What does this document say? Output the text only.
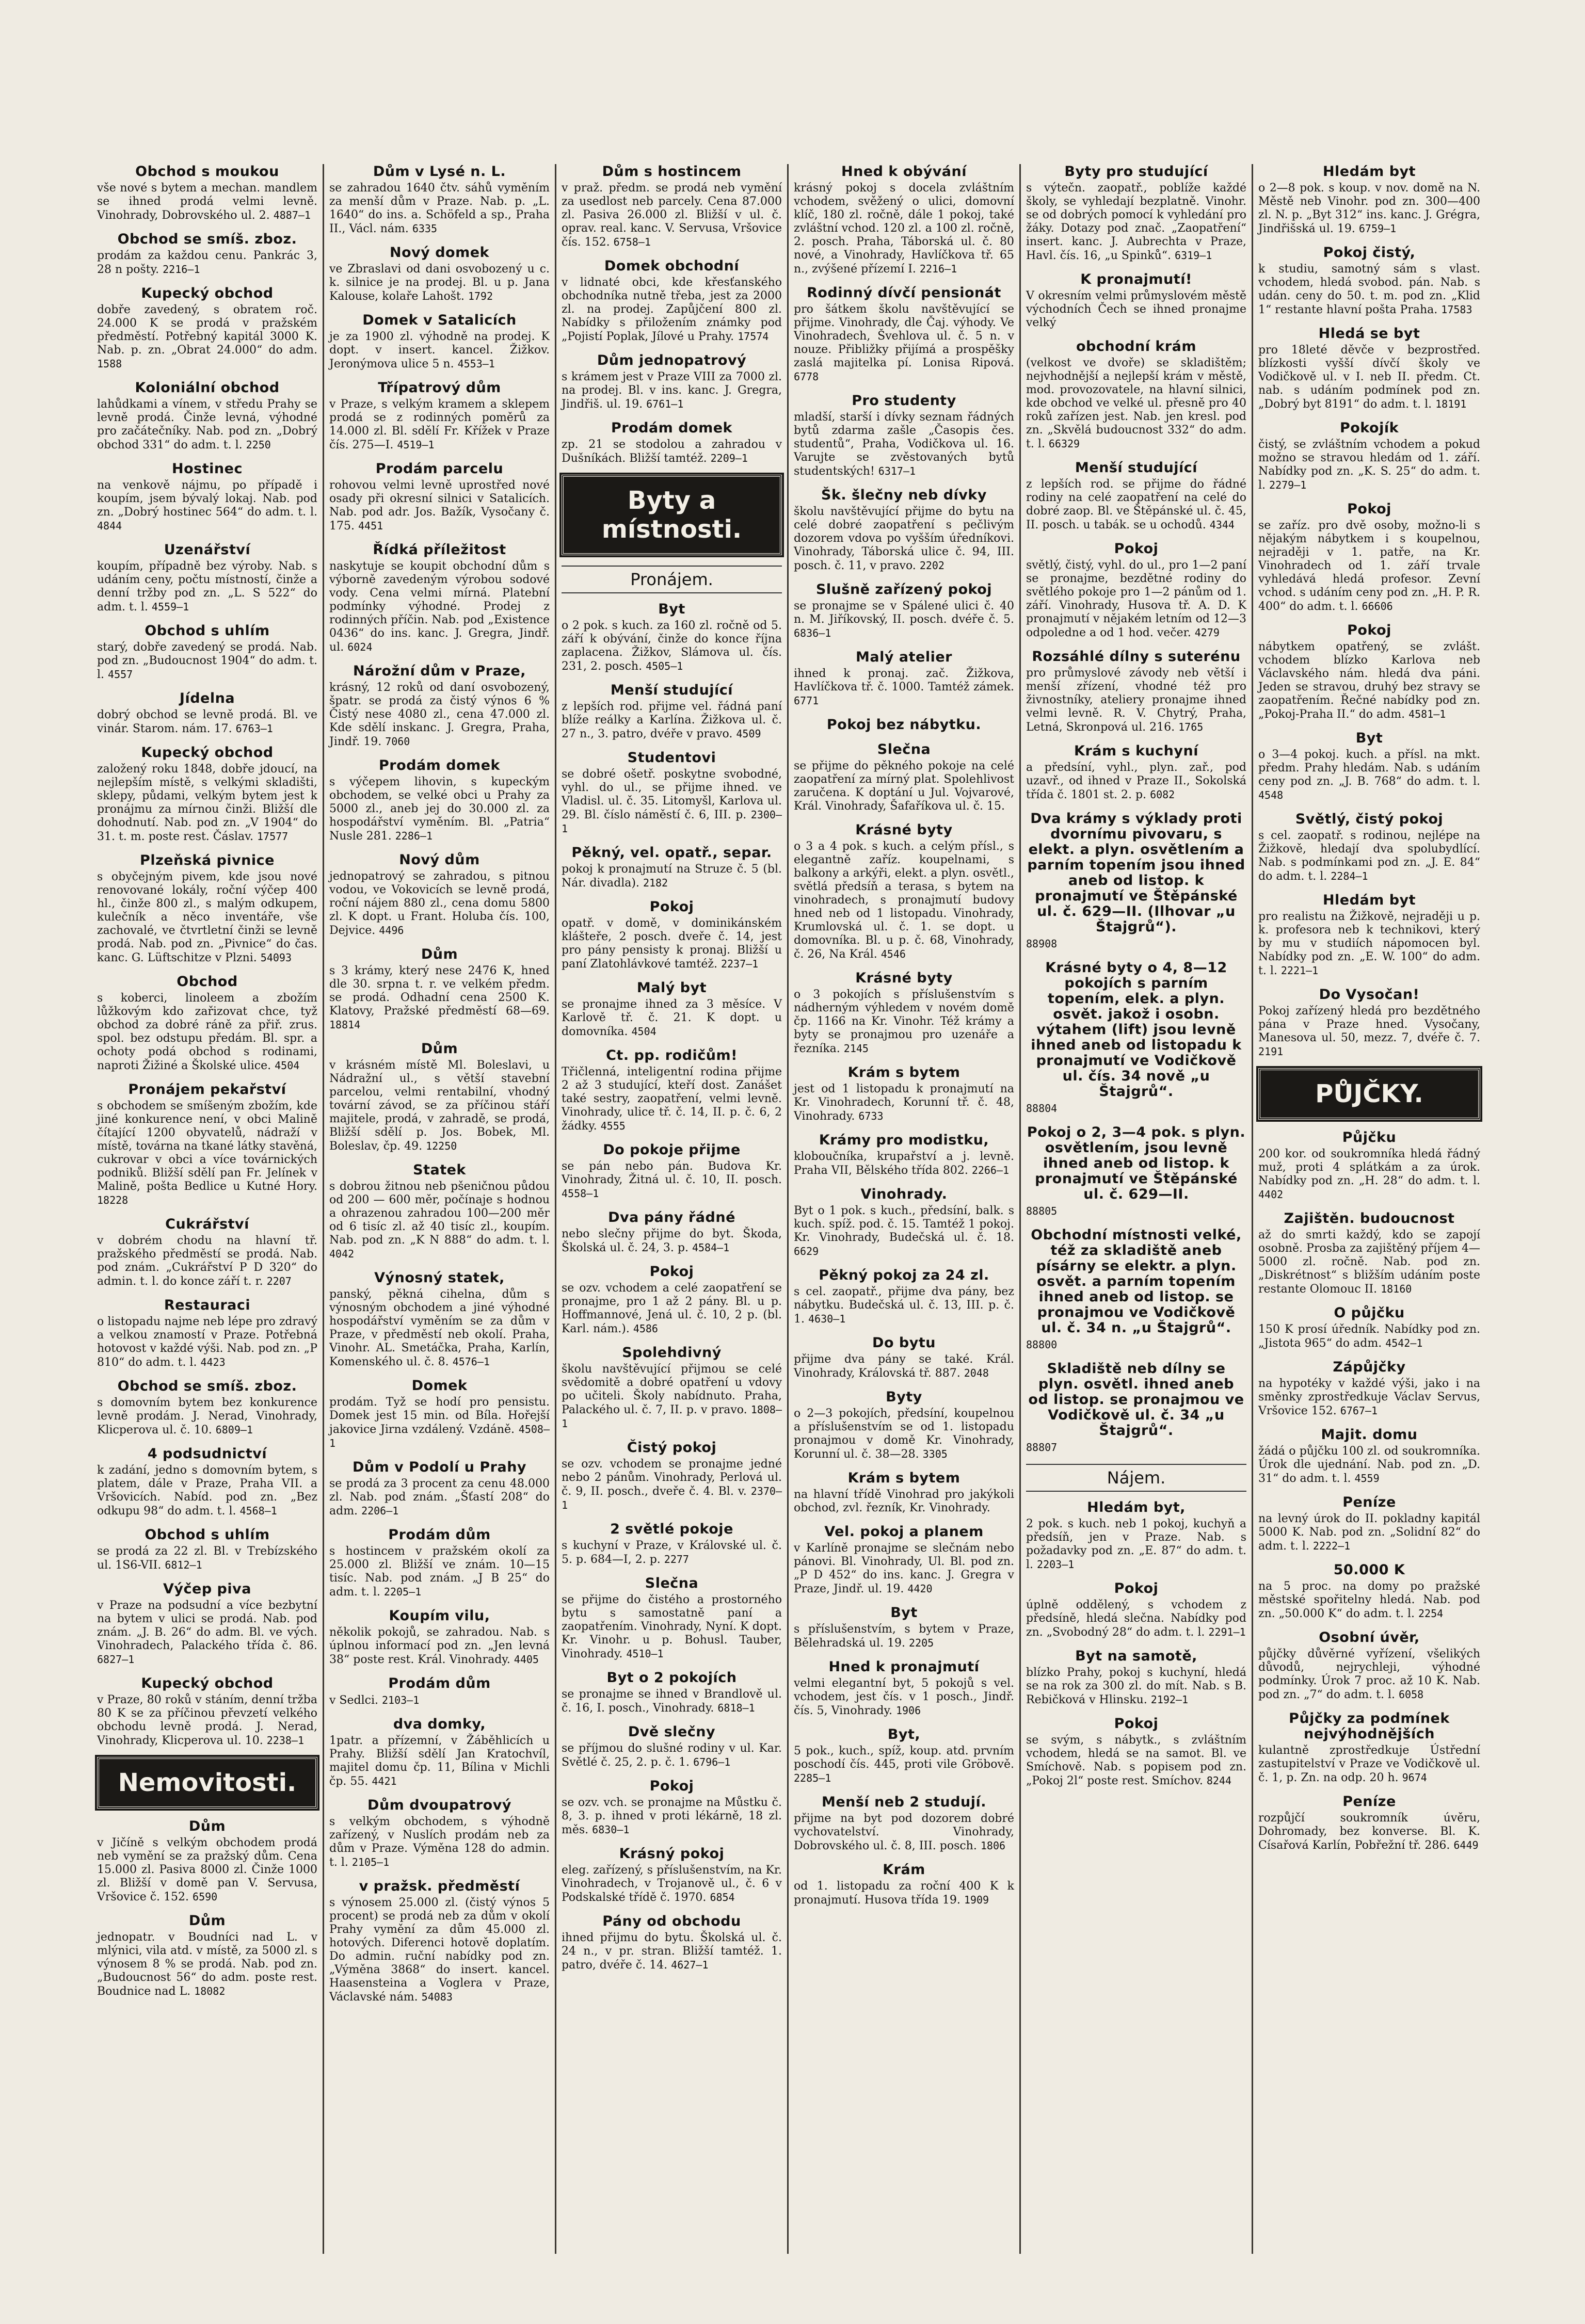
Obchod s moukou

vše nové s bytem a mechan. mandlem se ihned prodá velmi levně. Vinohrady, Dobrovského ul. 2. 4887—1

Obchod se smíš. zboz.

prodám za každou cenu. Pankrác 3, 28 n pošty. 2216—1

Kupecký obchod

dobře zavedený, s obratem roč. 24.000 K se prodá v pražském předměstí. Potřebný kapitál 3000 K. Nab. p. zn. „Obrat 24.000“ do adm. 1588

Koloniální obchod

lahůdkami a vínem, v středu Prahy se levně prodá. Činže levná, výhodné pro začátečníky. Nab. pod zn. „Dobrý obchod 331“ do adm. t. l. 2250

Hostinec

na venkově nájmu, po případě i koupím, jsem bývalý lokaj. Nab. pod zn. „Dobrý hostinec 564“ do adm. t. l. 4844

Uzenářství

koupím, případně bez výroby. Nab. s udáním ceny, počtu místností, činže a denní tržby pod zn. „L. S 522“ do adm. t. l. 4559—1

Obchod s uhlím

starý, dobře zavedený se prodá. Nab. pod zn. „Budoucnost 1904“ do adm. t. l. 4557

Jídelna

dobrý obchod se levně prodá. Bl. ve vinár. Starom. nám. 17. 6763—1

Kupecký obchod

založený roku 1848, dobře jdoucí, na nejlepším místě, s velkými skladišti, sklepy, půdami, velkým bytem jest k pronájmu za mírnou činži. Bližší dle dohodnutí. Nab. pod zn. „V 1904“ do 31. t. m. poste rest. Čáslav. 17577

Plzeňská pivnice

s obyčejným pivem, kde jsou nové renovované lokály, roční výčep 400 hl., činže 800 zl., s malým odkupem, kulečník a něco inventáře, vše zachovalé, ve čtvrtletní činži se levně prodá. Nab. pod zn. „Pivnice“ do čas. kanc. G. Lüftschitze v Plzni. 54093

Obchod

s koberci, linoleem a zbožím lůžkovým kdo zařizovat chce, tyž obchod za dobré ráně za přiř. zrus. spol. bez odstupu předám. Bl. spr. a ochoty podá obchod s rodinami, naproti Žižiné a Školské ulice. 4504

Pronájem pekařství

s obchodem se smíšeným zbožím, kde jiné konkurence není, v obci Malině čítající 1200 obyvatelů, nádraží v místě, továrna na tkané látky stavěná, cukrovar v obci a více továrnických podniků. Bližší sdělí pan Fr. Jelínek v Malině, pošta Bedlice u Kutné Hory. 18228

Cukrářství

v dobrém chodu na hlavní tř. pražského předměstí se prodá. Nab. pod znám. „Cukrářství P D 320“ do admin. t. l. do konce září t. r. 2207

Restauraci

o listopadu najme neb lépe pro zdravý a velkou znamostí v Praze. Potřebná hotovost v každé výši. Nab. pod zn. „P 810“ do adm. t. l. 4423

Obchod se smíš. zboz.

s domovním bytem bez konkurence levně prodám. J. Nerad, Vinohrady, Klicperova ul. č. 10. 6809—1

4 podsudnictví

k zadání, jedno s domovním bytem, s platem, dále v Praze, Praha VII. a Vršovicích. Nabíd. pod zn. „Bez odkupu 98“ do adm. t. l. 4568—1

Obchod s uhlím

se prodá za 22 zl. Bl. v Trebízského ul. 1S6-VII. 6812—1

Výčep piva

v Praze na podsudní a více bezbytní na bytem v ulici se prodá. Nab. pod znám. „J. B. 26“ do adm. Bl. ve vých. Vinohradech, Palackého třída č. 86. 6827—1

Kupecký obchod

v Praze, 80 roků v stáním, denní tržba 80 K se za příčinou převzetí velkého obchodu levně prodá. J. Nerad, Vinohrady, Klicperova ul. 10. 2238—1

Nemovitosti.
Dům

v Jičíně s velkým obchodem prodá neb vymění se za pražský dům. Cena 15.000 zl. Pasiva 8000 zl. Činže 1000 zl. Bližší v domě pan V. Servusa, Vršovice č. 152. 6590

Dům

jednopatr. v Boudníci nad L. v mlýnici, vila atd. v místě, za 5000 zl. s výnosem 8 % se prodá. Nab. pod zn. „Budoucnost 56“ do adm. poste rest. Boudnice nad L. 18082

Dům v Lysé n. L.

se zahradou 1640 čtv. sáhů vyměním za menší dům v Praze. Nab. p. „L. 1640“ do ins. a. Schöfeld a sp., Praha II., Václ. nám. 6335

Nový domek

ve Zbraslavi od dani osvobozený u c. k. silnice je na prodej. Bl. u p. Jana Kalouse, kolaře Lahošt. 1792

Domek v Satalicích

je za 1900 zl. výhodně na prodej. K dopt. v insert. kancel. Žižkov. Jeronýmova ulice 5 n. 4553—1

Třípatrový dům

v Praze, s velkým kramem a sklepem prodá se z rodinných poměrů za 14.000 zl. Bl. sdělí Fr. Křížek v Praze čís. 275—I. 4519—1

Prodám parcelu

rohovou velmi levně uprostřed nové osady při okresní silnici v Satalicích. Nab. pod adr. Jos. Bažík, Vysočany č. 175. 4451

Řídká příležitost

naskytuje se koupit obchodní dům s výborně zavedeným výrobou sodové vody. Cena velmi mírná. Platební podmínky výhodné. Prodej z rodinných příčin. Nab. pod „Existence 0436“ do ins. kanc. J. Gregra, Jindř. ul. 6024

Nárožní dům v Praze,

krásný, 12 roků od daní osvobozený, špatr. se prodá za čistý výnos 6 % Čistý nese 4080 zl., cena 47.000 zl. Kde sdělí inskanc. J. Gregra, Praha, Jindř. 19. 7060

Prodám domek

s výčepem lihovin, s kupeckým obchodem, se velké obci u Prahy za 5000 zl., aneb jej do 30.000 zl. za hospodářství vyměním. Bl. „Patria“ Nusle 281. 2286—1

Nový dům

jednopatrový se zahradou, s pitnou vodou, ve Vokovicích se levně prodá, roční nájem 880 zl., cena domu 5800 zl. K dopt. u Frant. Holuba čís. 100, Dejvice. 4496

Dům

s 3 krámy, který nese 2476 K, hned dle 30. srpna t. r. ve velkém předm. se prodá. Odhadní cena 2500 K. Klatovy, Pražské předměstí 68—69. 18814

Dům

v krásném místě Ml. Boleslavi, u Nádražní ul., s větší stavební parcelou, velmi rentabilní, vhodný tovární závod, se za příčinou stáří majitele, prodá, v zahradě, se prodá, Bližší sdělí p. Jos. Bobek, Ml. Boleslav, čp. 49. 12250

Statek

s dobrou žitnou neb pšeničnou půdou od 200 — 600 měr, počínaje s hodnou a ohrazenou zahradou 100—200 měr od 6 tisíc zl. až 40 tisíc zl., koupím. Nab. pod zn. „K N 888“ do adm. t. l. 4042

Výnosný statek,

panský, pěkná cihelna, dům s výnosným obchodem a jiné výhodné hospodářství vyměním se za dům v Praze, v předměstí neb okolí. Praha, Vinohr. AL. Smetáčka, Praha, Karlín, Komenského ul. č. 8. 4576—1

Domek

prodám. Tyž se hodí pro pensistu. Domek jest 15 min. od Bíla. Hořejší jakovice Jirna vzdálený. Vzdáně. 4508—1

Dům v Podolí u Prahy

se prodá za 3 procent za cenu 48.000 zl. Nab. pod znám. „Šťastí 208“ do adm. 2206—1

Prodám dům

s hostincem v pražském okolí za 25.000 zl. Bližší ve znám. 10—15 tisíc. Nab. pod znám. „J B 25“ do adm. t. l. 2205—1

Koupím vilu,

několik pokojů, se zahradou. Nab. s úplnou informací pod zn. „Jen levná 38“ poste rest. Král. Vinohrady. 4405

Prodám dům

v Sedlci. 2103—1

dva domky,

1patr. a přízemní, v Žáběhlicích u Prahy. Bližší sdělí Jan Kratochvíl, majitel domu čp. 11, Bílina v Michli čp. 55. 4421

Dům dvoupatrový

s velkým obchodem, s výhodně zařízený, v Nuslích prodám neb za dům v Praze. Výměna 128 do admin. t. l. 2105—1

v pražsk. předměstí

s výnosem 25.000 zl. (čistý výnos 5 procent) se prodá neb za dům v okolí Prahy vymění za dům 45.000 zl. hotových. Diferenci hotově doplatím. Do admin. ruční nabídky pod zn. „Výměna 3868“ do insert. kancel. Haasensteina a Voglera v Praze, Václavské nám. 54083

Dům s hostincem

v praž. předm. se prodá neb vymění za usedlost neb parcely. Cena 87.000 zl. Pasiva 26.000 zl. Bližší v ul. č. oprav. real. kanc. V. Servusa, Vršovice čís. 152. 6758—1

Domek obchodní

v lidnaté obci, kde křesťanského obchodníka nutně třeba, jest za 2000 zl. na prodej. Zapůjčení 800 zl. Nabídky s přiložením známky pod „Pojistí Poplak, Jílové u Prahy. 17574

Dům jednopatrový

s krámem jest v Praze VIII za 7000 zl. na prodej. Bl. v ins. kanc. J. Gregra, Jindřiš. ul. 19. 6761—1

Prodám domek

zp. 21 se stodolou a zahradou v Dušníkách. Bližší tamtéž. 2209—1

Byty a místnosti.
Pronájem.
Byt

o 2 pok. s kuch. za 160 zl. ročně od 5. září k obývání, činže do konce října zaplacena. Žižkov, Slámova ul. čís. 231, 2. posch. 4505—1

Menší studující

z lepších rod. přijme vel. řádná paní blíže reálky a Karlína. Žižkova ul. č. 27 n., 3. patro, dvéře v pravo. 4509

Studentovi

se dobré ošetř. poskytne svobodné, vyhl. do ul., se přijme ihned. ve Vladisl. ul. č. 35. Litomyšl, Karlova ul. 29. Bl. číslo náměstí č. 6, III. p. 2300—1

Pěkný, vel. opatř., separ.

pokoj k pronajmutí na Struze č. 5 (bl. Nár. divadla). 2182

Pokoj

opatř. v domě, v dominikánském klášteře, 2 posch. dveře č. 14, jest pro pány pensisty k pronaj. Bližší u paní Zlatohlávkové tamtéž. 2237—1

Malý byt

se pronajme ihned za 3 měsíce. V Karlově tř. č. 21. K dopt. u domovníka. 4504

Ct. pp. rodičům!

Třičlenná, inteligentní rodina přijme 2 až 3 studující, kteří dost. Zanášet také sestry, zaopatření, velmi levně. Vinohrady, ulice tř. č. 14, II. p. č. 6, 2 žádky. 4555

Do pokoje přijme

se pán nebo pán. Budova Kr. Vinohrady, Žitná ul. č. 10, II. posch. 4558—1

Dva pány řádné

nebo slečny přijme do byt. Škoda, Školská ul. č. 24, 3. p. 4584—1

Pokoj

se ozv. vchodem a celé zaopatření se pronajme, pro 1 až 2 pány. Bl. u p. Hoffmannové, Jená ul. č. 10, 2 p. (bl. Karl. nám.). 4586

Spolehdivný

školu navštěvující přijmou se celé svědomitě a dobré opatření u vdovy po učiteli. Školy nabídnuto. Praha, Palackého ul. č. 7, II. p. v pravo. 1808—1

Čistý pokoj

se ozv. vchodem se pronajme jedné nebo 2 pánům. Vinohrady, Perlová ul. č. 9, II. posch., dveře č. 4. Bl. v. 2370—1

2 světlé pokoje

s kuchyní v Praze, v Královské ul. č. 5. p. 684—I, 2. p. 2277

Slečna

se přijme do čistého a prostorného bytu s samostatně paní a zaopatřením. Vinohrady, Nyní. K dopt. Kr. Vinohr. u p. Bohusl. Tauber, Vinohrady. 4510—1

Byt o 2 pokojích

se pronajme se ihned v Brandlově ul. č. 16, I. posch., Vinohrady. 6818—1

Dvě slečny

se příjmou do slušné rodiny v ul. Kar. Světlé č. 25, 2. p. č. 1. 6796—1

Pokoj

se ozv. vch. se pronajme na Můstku č. 8, 3. p. ihned v proti lékárně, 18 zl. měs. 6830—1

Krásný pokoj

eleg. zařízený, s příslušenstvím, na Kr. Vinohradech, v Trojanově ul., č. 6 v Podskalské třídě č. 1970. 6854

Pány od obchodu

ihned přijmu do bytu. Školská ul. č. 24 n., v pr. stran. Bližší tamtéž. 1. patro, dvéře č. 14. 4627—1

Hned k obývání

krásný pokoj s docela zvláštním vchodem, svěžený o ulici, domovní klíč, 180 zl. ročně, dále 1 pokoj, také zvláštní vchod. 120 zl. a 100 zl. ročně, 2. posch. Praha, Táborská ul. č. 80 nové, a Vinohrady, Havlíčkova tř. 65 n., zvýšené přízemí I. 2216—1

Rodinný dívčí pensionát

pro šátkem školu navštěvující se přijme. Vinohrady, dle Čaj. výhody. Ve Vinohradech, Švehlova ul. č. 5 n. v nouze. Přibližky přijímá a prospěšky zaslá majitelka pí. Lonisa Ripová. 6778

Pro studenty

mladší, starší i dívky seznam řádných bytů zdarma zašle „Časopis čes. studentů“, Praha, Vodičkova ul. 16. Varujte se zvěstovaných bytů studentských! 6317—1

Šk. šlečny neb dívky

školu navštěvující přijme do bytu na celé dobré zaopatření s pečlivým dozorem vdova po vyšším úředníkovi. Vinohrady, Táborská ulice č. 94, III. posch. č. 11, v pravo. 2202

Slušně zařízený pokoj

se pronajme se v Spálené ulici č. 40 n. M. Jiříkovský, II. posch. dvéře č. 5. 6836—1

Malý atelier

ihned k pronaj. zač. Žižkova, Havlíčkova tř. č. 1000. Tamtéž zámek. 6771

Pokoj bez nábytku.

Slečna

se přijme do pěkného pokoje na celé zaopatření za mírný plat. Spolehlivost zaručena. K doptání u Jul. Vojvarové, Král. Vinohrady, Šafaříkova ul. č. 15.

Krásné byty

o 3 a 4 pok. s kuch. a celým přísl., s elegantně zaříz. koupelnami, s balkony a arkýři, elekt. a plyn. osvětl., světlá předsíň a terasa, s bytem na vinohradech, s pronajmutí budovy hned neb od 1 listopadu. Vinohrady, Krumlovská ul. č. 1. se dopt. u domovníka. Bl. u p. č. 68, Vinohrady, č. 26, Na Král. 4546

Krásné byty

o 3 pokojích s příslušenstvím s nádherným výhledem v novém domě čp. 1166 na Kr. Vinohr. Též krámy a byty se pronajmou pro uzenáře a řezníka. 2145

Krám s bytem

jest od 1 listopadu k pronajmutí na Kr. Vinohradech, Korunní tř. č. 48, Vinohrady. 6733

Krámy pro modistku,

kloboučníka, krupařství a j. levně. Praha VII, Bělského třída 802. 2266—1

Vinohrady.

Byt o 1 pok. s kuch., předsíní, balk. s kuch. spíž. pod. č. 15. Tamtéž 1 pokoj. Kr. Vinohrady, Budečská ul. č. 18. 6629

Pěkný pokoj za 24 zl.

s cel. zaopatř., přijme dva pány, bez nábytku. Budečská ul. č. 13, III. p. č. 1. 4630—1

Do bytu

přijme dva pány se také. Král. Vinohrady, Královská tř. 887. 2048

Byty

o 2—3 pokojích, předsíní, koupelnou a příslušenstvím se od 1. listopadu pronajmou v domě Kr. Vinohrady, Korunní ul. č. 38—28. 3305

Krám s bytem

na hlavní třídě Vinohrad pro jakýkoli obchod, zvl. řezník, Kr. Vinohrady.

Vel. pokoj a planem

v Karlíně pronajme se slečnám nebo pánovi. Bl. Vinohrady, Ul. Bl. pod zn. „P D 452“ do ins. kanc. J. Gregra v Praze, Jindř. ul. 19. 4420

Byt

s příslušenstvím, s bytem v Praze, Bělehradská ul. 19. 2205

Hned k pronajmutí

velmi elegantní byt, 5 pokojů s vel. vchodem, jest čís. v 1 posch., Jindř. čís. 5, Vinohrady. 1906

Byt,

5 pok., kuch., spíž, koup. atd. prvním poschodí čís. 445, proti vile Gröbově. 2285—1

Menší neb 2 studují.

přijme na byt pod dozorem dobré vychovatelství. Vinohrady, Dobrovského ul. č. 8, III. posch. 1806

Krám

od 1. listopadu za roční 400 K k pronajmutí. Husova třída 19. 1909

Byty pro studující

s výtečn. zaopatř., poblíže každé školy, se vyhledají bezplatně. Vinohr. se od dobrých pomocí k vyhledání pro žáky. Dotazy pod znač. „Zaopatření“ insert. kanc. J. Aubrechta v Praze, Havl. čís. 16, „u Spinků“. 6319—1

K pronajmutí!

V okresním velmi průmyslovém městě východních Čech se ihned pronajme velký

obchodní krám

(velkost ve dvoře) se skladištěm; nejvhodnější a nejlepší krám v městě, mod. provozovatele, na hlavní silnici, kde obchod ve velké ul. přesně pro 40 roků zařízen jest. Nab. jen kresl. pod zn. „Skvělá budoucnost 332“ do adm. t. l. 66329

Menší studující

z lepších rod. se přijme do řádné rodiny na celé zaopatření na celé do dobré zaop. Bl. ve Štěpánské ul. č. 45, II. posch. u tabák. se u ochodů. 4344

Pokoj

světlý, čistý, vyhl. do ul., pro 1—2 paní se pronajme, bezdětné rodiny do světlého pokoje pro 1—2 pánům od 1. září. Vinohrady, Husova tř. A. D. K pronajmutí v nějakém letním od 12—3 odpoledne a od 1 hod. večer. 4279

Rozsáhlé dílny s suterénu

pro průmyslové závody neb větší i menší zřízení, vhodné též pro živnostníky, ateliery pronajme ihned velmi levně. R. V. Chytrý, Praha, Letná, Skronpová ul. 216. 1765

Krám s kuchyní

a předsíní, vyhl., plyn. zař., pod uzavř., od ihned v Praze II., Sokolská třída č. 1801 st. 2. p. 6082

Dva krámy s výklady proti dvornímu pivovaru, s elekt. a plyn. osvětlením a parním topením jsou ihned aneb od listop. k pronajmutí ve Štěpánské ul. č. 629—II. (Ilhovar „u Štajgrů“).

88908

Krásné byty o 4, 8—12 pokojích s parním topením, elek. a plyn. osvět. jakož i osobn. výtahem (lift) jsou levně ihned aneb od listopadu k pronajmutí ve Vodičkově ul. čís. 34 nově „u Štajgrů“.

88804

Pokoj o 2, 3—4 pok. s plyn. osvětlením, jsou levně ihned aneb od listop. k pronajmutí ve Štěpánské ul. č. 629—II.

88805

Obchodní místnosti velké, též za skladiště aneb písárny se elektr. a plyn. osvět. a parním topením ihned aneb od listop. se pronajmou ve Vodičkově ul. č. 34 n. „u Štajgrů“.

88800

Skladiště neb dílny se plyn. osvětl. ihned aneb od listop. se pronajmou ve Vodičkově ul. č. 34 „u Štajgrů“.

88807

Nájem.
Hledám byt,

2 pok. s kuch. neb 1 pokoj, kuchyň a předsíň, jen v Praze. Nab. s požadavky pod zn. „E. 87“ do adm. t. l. 2203—1

Pokoj

úplně oddělený, s vchodem z předsíně, hledá slečna. Nabídky pod zn. „Svobodný 28“ do adm. t. l. 2291—1

Byt na samotě,

blízko Prahy, pokoj s kuchyní, hledá se na rok za 300 zl. do mít. Nab. s B. Rebičková v Hlinsku. 2192—1

Pokoj

se svým, s nábytk., s zvláštním vchodem, hledá se na samot. Bl. ve Smíchově. Nab. s popisem pod zn. „Pokoj 2l“ poste rest. Smíchov. 8244

Hledám byt

o 2—8 pok. s koup. v nov. domě na N. Městě neb Vinohr. pod zn. 300—400 zl. N. p. „Byt 312“ ins. kanc. J. Grégra, Jindřišská ul. 19. 6759—1

Pokoj čistý,

k studiu, samotný sám s vlast. vchodem, hledá svobod. pán. Nab. s udán. ceny do 50. t. m. pod zn. „Klid 1“ restante hlavní pošta Praha. 17583

Hledá se byt

pro 18leté děvče v bezprostřed. blízkosti vyšší dívčí školy ve Vodičkově ul. v I. neb II. předm. Ct. nab. s udáním podmínek pod zn. „Dobrý byt 8191“ do adm. t. l. 18191

Pokojík

čistý, se zvláštním vchodem a pokud možno se stravou hledám od 1. září. Nabídky pod zn. „K. S. 25“ do adm. t. l. 2279—1

Pokoj

se zaříz. pro dvě osoby, možno-li s nějakým nábytkem i s koupelnou, nejraději v 1. patře, na Kr. Vinohradech od 1. září trvale vyhledává hledá profesor. Zevní vchod. s udáním ceny pod zn. „H. P. R. 400“ do adm. t. l. 66606

Pokoj

nábytkem opatřený, se zvlášt. vchodem blízko Karlova neb Václavského nám. hledá dva páni. Jeden se stravou, druhý bez stravy se zaopatřením. Řečné nabídky pod zn. „Pokoj-Praha II.“ do adm. 4581—1

Byt

o 3—4 pokoj. kuch. a přísl. na mkt. předm. Prahy hledám. Nab. s udáním ceny pod zn. „J. B. 768“ do adm. t. l. 4548

Světlý, čistý pokoj

s cel. zaopatř. s rodinou, nejlépe na Žižkově, hledají dva spolubydlící. Nab. s podmínkami pod zn. „J. E. 84“ do adm. t. l. 2284—1

Hledám byt

pro realistu na Žižkově, nejraději u p. k. profesora neb k technikovi, který by mu v studiích nápomocen byl. Nabídky pod zn. „E. W. 100“ do adm. t. l. 2221—1

Do Vysočan!

Pokoj zařízený hledá pro bezdětného pána v Praze hned. Vysočany, Manesova ul. 50, mezz. 7, dvéře č. 7. 2191

PŮJČKY.
Půjčku

200 kor. od soukromníka hledá řádný muž, proti 4 splátkám a za úrok. Nabídky pod zn. „H. 28“ do adm. t. l. 4402

Zajištěn. budoucnost

až do smrti každý, kdo se zapojí osobně. Prosba za zajištěný příjem 4—5000 zl. ročně. Nab. pod zn. „Diskrétnost“ s bližším udáním poste restante Olomouc II. 18160

O půjčku

150 K prosí úředník. Nabídky pod zn. „Jistota 965“ do adm. 4542—1

Zápůjčky

na hypotéky v každé výši, jako i na směnky zprostředkuje Václav Servus, Vršovice 152. 6767—1

Majit. domu

žádá o půjčku 100 zl. od soukromníka. Úrok dle ujednání. Nab. pod zn. „D. 31“ do adm. t. l. 4559

Peníze

na levný úrok do II. pokladny kapitál 5000 K. Nab. pod zn. „Solidní 82“ do adm. t. l. 2222—1

50.000 K

na 5 proc. na domy po pražské městské spořitelny hledá. Nab. pod zn. „50.000 K“ do adm. t. l. 2254

Osobní úvěr,

půjčky důvěrné vyřízení, všelikých důvodů, nejrychleji, výhodné podmínky. Úrok 7 proc. až 10 K. Nab. pod zn. „7“ do adm. t. l. 6058

Půjčky za podmínek nejvýhodnějších

kulantně zprostředkuje Ústřední zastupitelství v Praze ve Vodičkově ul. č. 1, p. Zn. na odp. 20 h. 9674

Peníze

rozpůjčí soukromník úvěru, Dohromady, bez konverse. Bl. K. Císařová Karlín, Pobřežní tř. 286. 6449
